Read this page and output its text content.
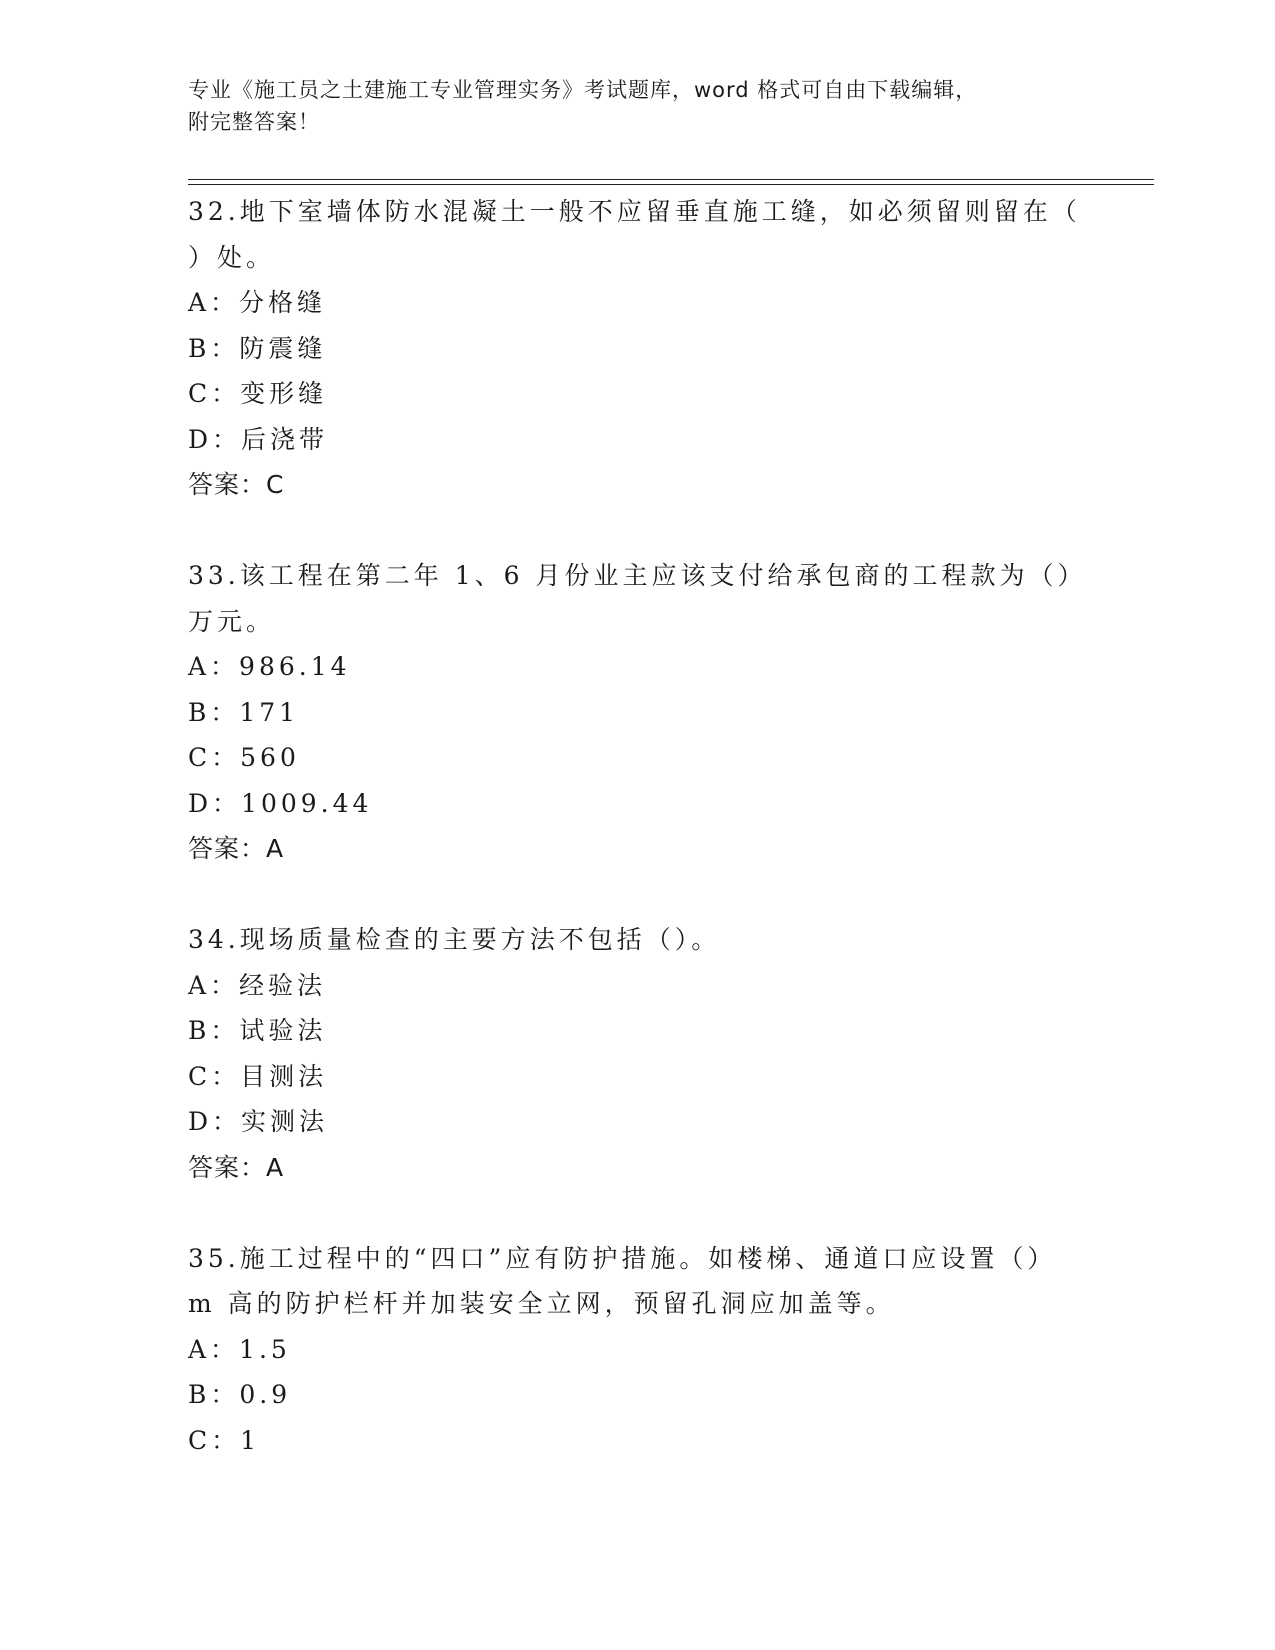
专业《施工员之土建施工专业管理实务》考试题库，word 格式可自由下载编辑，
附完整答案！
32.地下室墙体防水混凝土一般不应留垂直施工缝，如必须留则留在（
）处。
A：分格缝
B：防震缝
C：变形缝
D：后浇带
答案：C
33.该工程在第二年 1、6 月份业主应该支付给承包商的工程款为（）
万元。
A：986.14
B：171
C：560
D：1009.44
答案：A
34.现场质量检查的主要方法不包括（）。
A：经验法
B：试验法
C：目测法
D：实测法
答案：A
35.施工过程中的“四口”应有防护措施。如楼梯、通道口应设置（）
m 高的防护栏杆并加装安全立网，预留孔洞应加盖等。
A：1.5
B：0.9
C：1
